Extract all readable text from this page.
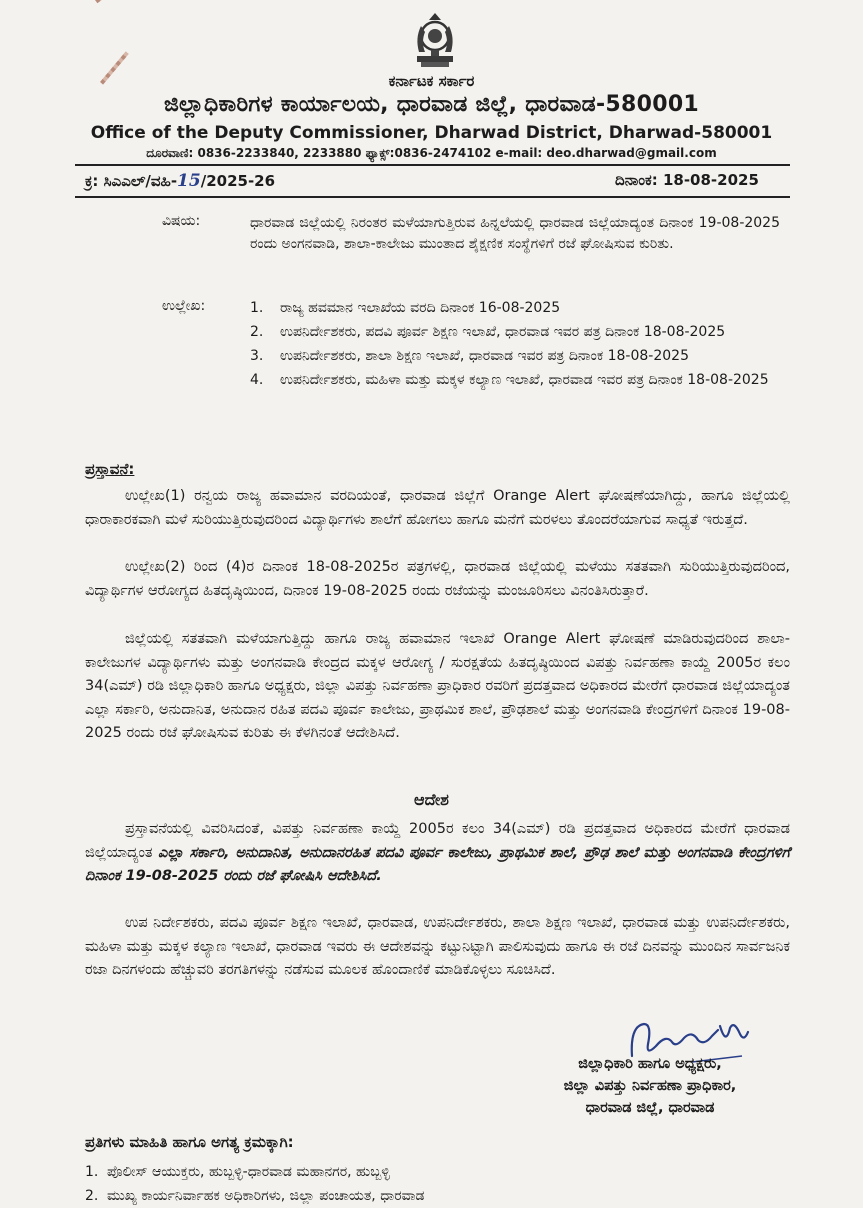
ಕರ್ನಾಟಕ ಸರ್ಕಾರ
ಜಿಲ್ಲಾಧಿಕಾರಿಗಳ ಕಾರ್ಯಾಲಯ, ಧಾರವಾಡ ಜಿಲ್ಲೆ, ಧಾರವಾಡ-580001
Office of the Deputy Commissioner, Dharwad District, Dharwad-580001
ದೂರವಾಣಿ: 0836-2233840, 2233880 ಫ್ಯಾಕ್ಸ್:0836-2474102 e-mail: deo.dharwad@gmail.com
ಕ್ರ: ಸಿಎಎಲ್/ವಹಿ-15/2025-26	ದಿನಾಂಕ: 18-08-2025
ವಿಷಯ:	ಧಾರವಾಡ ಜಿಲ್ಲೆಯಲ್ಲಿ ನಿರಂತರ ಮಳೆಯಾಗುತ್ತಿರುವ ಹಿನ್ನಲೆಯಲ್ಲಿ ಧಾರವಾಡ ಜಿಲ್ಲೆಯಾದ್ಯಂತ ದಿನಾಂಕ 19-08-2025 ರಂದು ಅಂಗನವಾಡಿ, ಶಾಲಾ-ಕಾಲೇಜು ಮುಂತಾದ ಶೈಕ್ಷಣಿಕ ಸಂಸ್ಥೆಗಳಿಗೆ ರಜೆ ಘೋಷಿಸುವ ಕುರಿತು.
ಉಲ್ಲೇಖ:	1. ರಾಜ್ಯ ಹವಮಾನ ಇಲಾಖೆಯ ವರದಿ ದಿನಾಂಕ 16-08-2025
2. ಉಪನಿರ್ದೇಶಕರು, ಪದವಿ ಪೂರ್ವ ಶಿಕ್ಷಣ ಇಲಾಖೆ, ಧಾರವಾಡ ಇವರ ಪತ್ರ ದಿನಾಂಕ 18-08-2025
3. ಉಪನಿರ್ದೇಶಕರು, ಶಾಲಾ ಶಿಕ್ಷಣ ಇಲಾಖೆ, ಧಾರವಾಡ ಇವರ ಪತ್ರ ದಿನಾಂಕ 18-08-2025
4. ಉಪನಿರ್ದೇಶಕರು, ಮಹಿಳಾ ಮತ್ತು ಮಕ್ಕಳ ಕಲ್ಯಾಣ ಇಲಾಖೆ, ಧಾರವಾಡ ಇವರ ಪತ್ರ ದಿನಾಂಕ 18-08-2025
ಪ್ರಸ್ತಾವನೆ:

ಉಲ್ಲೇಖ(1) ರನ್ವಯ ರಾಜ್ಯ ಹವಾಮಾನ ವರದಿಯಂತೆ, ಧಾರವಾಡ ಜಿಲ್ಲೆಗೆ Orange Alert ಘೋಷಣೆಯಾಗಿದ್ದು, ಹಾಗೂ ಜಿಲ್ಲೆಯಲ್ಲಿ ಧಾರಾಕಾರಕವಾಗಿ ಮಳೆ ಸುರಿಯುತ್ತಿರುವುದರಿಂದ ವಿದ್ಯಾರ್ಥಿಗಳು ಶಾಲೆಗೆ ಹೋಗಲು ಹಾಗೂ ಮನೆಗೆ ಮರಳಲು ತೊಂದರೆಯಾಗುವ ಸಾಧ್ಯತೆ ಇರುತ್ತದೆ.

ಉಲ್ಲೇಖ(2) ರಿಂದ (4)ರ ದಿನಾಂಕ 18-08-2025ರ ಪತ್ರಗಳಲ್ಲಿ, ಧಾರವಾಡ ಜಿಲ್ಲೆಯಲ್ಲಿ ಮಳೆಯು ಸತತವಾಗಿ ಸುರಿಯುತ್ತಿರುವುದರಿಂದ, ವಿದ್ಯಾರ್ಥಿಗಳ ಆರೋಗ್ಯದ ಹಿತದೃಷ್ಠಿಯಿಂದ, ದಿನಾಂಕ 19-08-2025 ರಂದು ರಜೆಯನ್ನು ಮಂಜೂರಿಸಲು ವಿನಂತಿಸಿರುತ್ತಾರೆ.

ಜಿಲ್ಲೆಯಲ್ಲಿ ಸತತವಾಗಿ ಮಳೆಯಾಗುತ್ತಿದ್ದು ಹಾಗೂ ರಾಜ್ಯ ಹವಾಮಾನ ಇಲಾಖೆ Orange Alert ಘೋಷಣೆ ಮಾಡಿರುವುದರಿಂದ ಶಾಲಾ-ಕಾಲೇಜುಗಳ ವಿದ್ಯಾರ್ಥಿಗಳು ಮತ್ತು ಅಂಗನವಾಡಿ ಕೇಂದ್ರದ ಮಕ್ಕಳ ಆರೋಗ್ಯ / ಸುರಕ್ಷತೆಯ ಹಿತದೃಷ್ಠಿಯಿಂದ ವಿಪತ್ತು ನಿರ್ವಹಣಾ ಕಾಯ್ದೆ 2005ರ ಕಲಂ 34(ಎಮ್) ರಡಿ ಜಿಲ್ಲಾಧಿಕಾರಿ ಹಾಗೂ ಅಧ್ಯಕ್ಷರು, ಜಿಲ್ಲಾ ವಿಪತ್ತು ನಿರ್ವಹಣಾ ಪ್ರಾಧಿಕಾರ ರವರಿಗೆ ಪ್ರದತ್ತವಾದ ಅಧಿಕಾರದ ಮೇರೆಗೆ ಧಾರವಾಡ ಜಿಲ್ಲೆಯಾದ್ಯಂತ ಎಲ್ಲಾ ಸರ್ಕಾರಿ, ಅನುದಾನಿತ, ಅನುದಾನ ರಹಿತ ಪದವಿ ಪೂರ್ವ ಕಾಲೇಜು, ಪ್ರಾಥಮಿಕ ಶಾಲೆ, ಪ್ರೌಢಶಾಲೆ ಮತ್ತು ಅಂಗನವಾಡಿ ಕೇಂದ್ರಗಳಿಗೆ ದಿನಾಂಕ 19-08-2025 ರಂದು ರಜೆ ಘೋಷಿಸುವ ಕುರಿತು ಈ ಕೆಳಗಿನಂತೆ ಆದೇಶಿಸಿದೆ.

ಆದೇಶ

ಪ್ರಸ್ತಾವನೆಯಲ್ಲಿ ವಿವರಿಸಿದಂತೆ, ವಿಪತ್ತು ನಿರ್ವಹಣಾ ಕಾಯ್ದೆ 2005ರ ಕಲಂ 34(ಎಮ್) ರಡಿ ಪ್ರದತ್ತವಾದ ಅಧಿಕಾರದ ಮೇರೆಗೆ ಧಾರವಾಡ ಜಿಲ್ಲೆಯಾದ್ಯಂತ ಎಲ್ಲಾ ಸರ್ಕಾರಿ, ಅನುದಾನಿತ, ಅನುದಾನರಹಿತ ಪದವಿ ಪೂರ್ವ ಕಾಲೇಜು, ಪ್ರಾಥಮಿಕ ಶಾಲೆ, ಪ್ರೌಢ ಶಾಲೆ ಮತ್ತು ಅಂಗನವಾಡಿ ಕೇಂದ್ರಗಳಿಗೆ ದಿನಾಂಕ 19-08-2025 ರಂದು ರಜೆ ಘೋಷಿಸಿ ಆದೇಶಿಸಿದೆ.

ಉಪ ನಿರ್ದೇಶಕರು, ಪದವಿ ಪೂರ್ವ ಶಿಕ್ಷಣ ಇಲಾಖೆ, ಧಾರವಾಡ, ಉಪನಿರ್ದೇಶಕರು, ಶಾಲಾ ಶಿಕ್ಷಣ ಇಲಾಖೆ, ಧಾರವಾಡ ಮತ್ತು ಉಪನಿರ್ದೇಶಕರು, ಮಹಿಳಾ ಮತ್ತು ಮಕ್ಕಳ ಕಲ್ಯಾಣ ಇಲಾಖೆ, ಧಾರವಾಡ ಇವರು ಈ ಆದೇಶವನ್ನು ಕಟ್ಟುನಿಟ್ಟಾಗಿ ಪಾಲಿಸುವುದು ಹಾಗೂ ಈ ರಜೆ ದಿನವನ್ನು ಮುಂದಿನ ಸಾರ್ವಜನಿಕ ರಜಾ ದಿನಗಳಂದು ಹೆಚ್ಚುವರಿ ತರಗತಿಗಳನ್ನು ನಡೆಸುವ ಮೂಲಕ ಹೊಂದಾಣಿಕೆ ಮಾಡಿಕೊಳ್ಳಲು ಸೂಚಿಸಿದೆ.

ಜಿಲ್ಲಾಧಿಕಾರಿ ಹಾಗೂ ಅಧ್ಯಕ್ಷರು,
ಜಿಲ್ಲಾ ವಿಪತ್ತು ನಿರ್ವಹಣಾ ಪ್ರಾಧಿಕಾರ,
ಧಾರವಾಡ ಜಿಲ್ಲೆ, ಧಾರವಾಡ
ಪ್ರತಿಗಳು ಮಾಹಿತಿ ಹಾಗೂ ಅಗತ್ಯ ಕ್ರಮಕ್ಕಾಗಿ:
1. ಪೊಲೀಸ್ ಆಯುಕ್ತರು, ಹುಬ್ಬಳ್ಳಿ-ಧಾರವಾಡ ಮಹಾನಗರ, ಹುಬ್ಬಳ್ಳಿ
2. ಮುಖ್ಯ ಕಾರ್ಯನಿರ್ವಾಹಕ ಅಧಿಕಾರಿಗಳು, ಜಿಲ್ಲಾ ಪಂಚಾಯತ, ಧಾರವಾಡ
